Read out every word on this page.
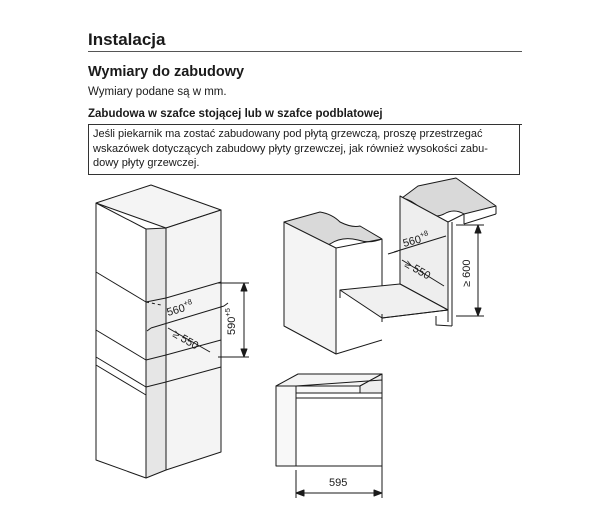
Instalacja
Wymiary do zabudowy
Wymiary podane są w mm.
Zabudowa w szafce stojącej lub w szafce podblatowej
Jeśli piekarnik ma zostać zabudowany pod płytą grzewczą, proszę przestrzegać
wskazówek dotyczących zabudowy płyty grzewczej, jak również wysokości zabu-
dowy płyty grzewczej.
$560^{+8}$
≥ 550
$590^{+5}$
$560^{+8}$
≥ 550	≥ 600
595
